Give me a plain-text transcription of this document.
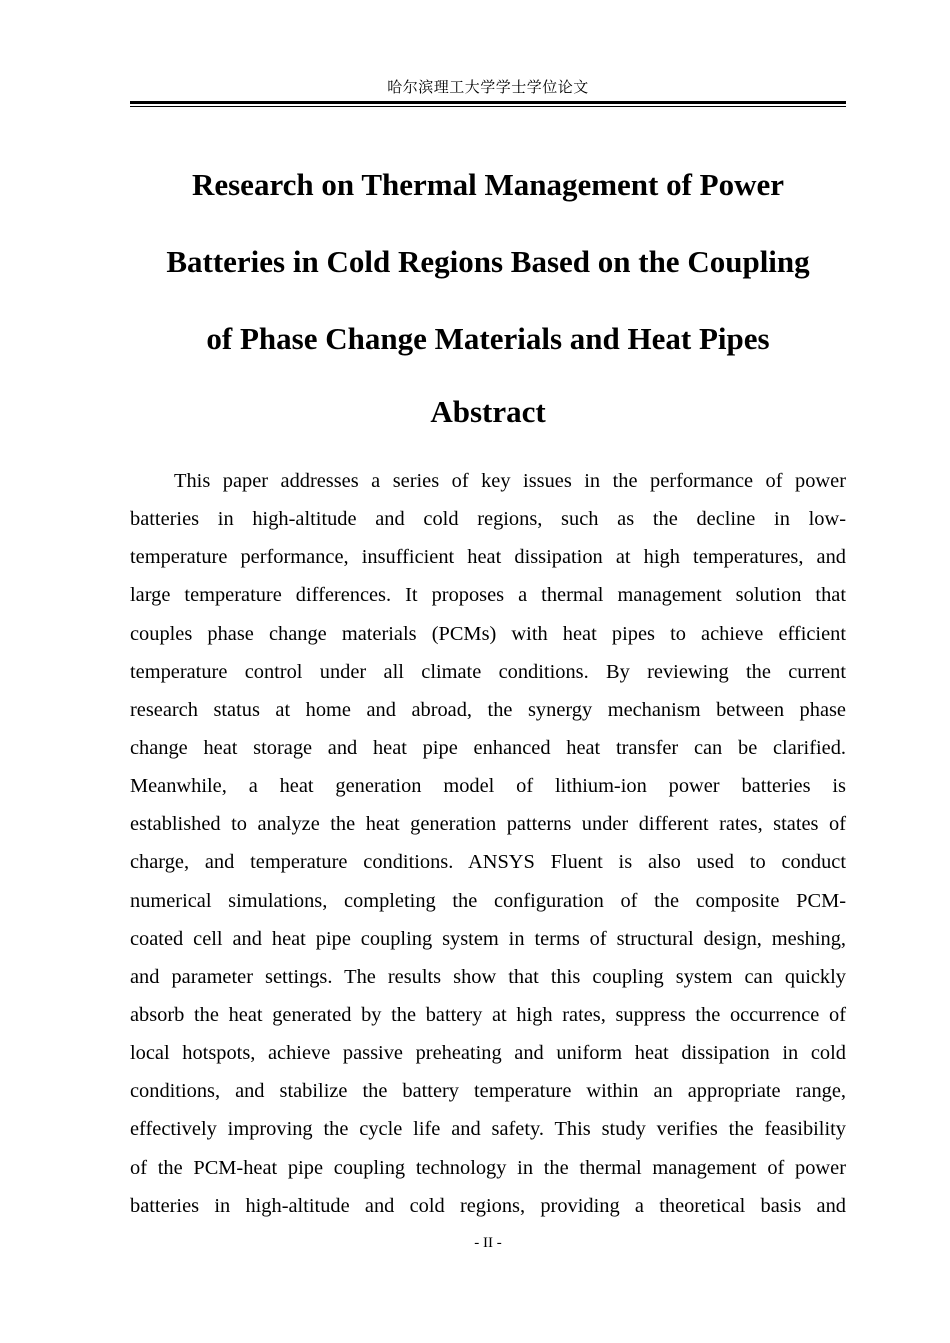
哈尔滨理工大学学士学位论文
Research on Thermal Management of Power
Batteries in Cold Regions Based on the Coupling
of Phase Change Materials and Heat Pipes
Abstract
This paper addresses a series of key issues in the performance of power
batteries in high-altitude and cold regions, such as the decline in low-
temperature performance, insufficient heat dissipation at high temperatures, and
large temperature differences. It proposes a thermal management solution that
couples phase change materials (PCMs) with heat pipes to achieve efficient
temperature control under all climate conditions. By reviewing the current
research status at home and abroad, the synergy mechanism between phase
change heat storage and heat pipe enhanced heat transfer can be clarified.
Meanwhile, a heat generation model of lithium-ion power batteries is
established to analyze the heat generation patterns under different rates, states of
charge, and temperature conditions. ANSYS Fluent is also used to conduct
numerical simulations, completing the configuration of the composite PCM-
coated cell and heat pipe coupling system in terms of structural design, meshing,
and parameter settings. The results show that this coupling system can quickly
absorb the heat generated by the battery at high rates, suppress the occurrence of
local hotspots, achieve passive preheating and uniform heat dissipation in cold
conditions, and stabilize the battery temperature within an appropriate range,
effectively improving the cycle life and safety. This study verifies the feasibility
of the PCM-heat pipe coupling technology in the thermal management of power
batteries in high-altitude and cold regions, providing a theoretical basis and
- II -
